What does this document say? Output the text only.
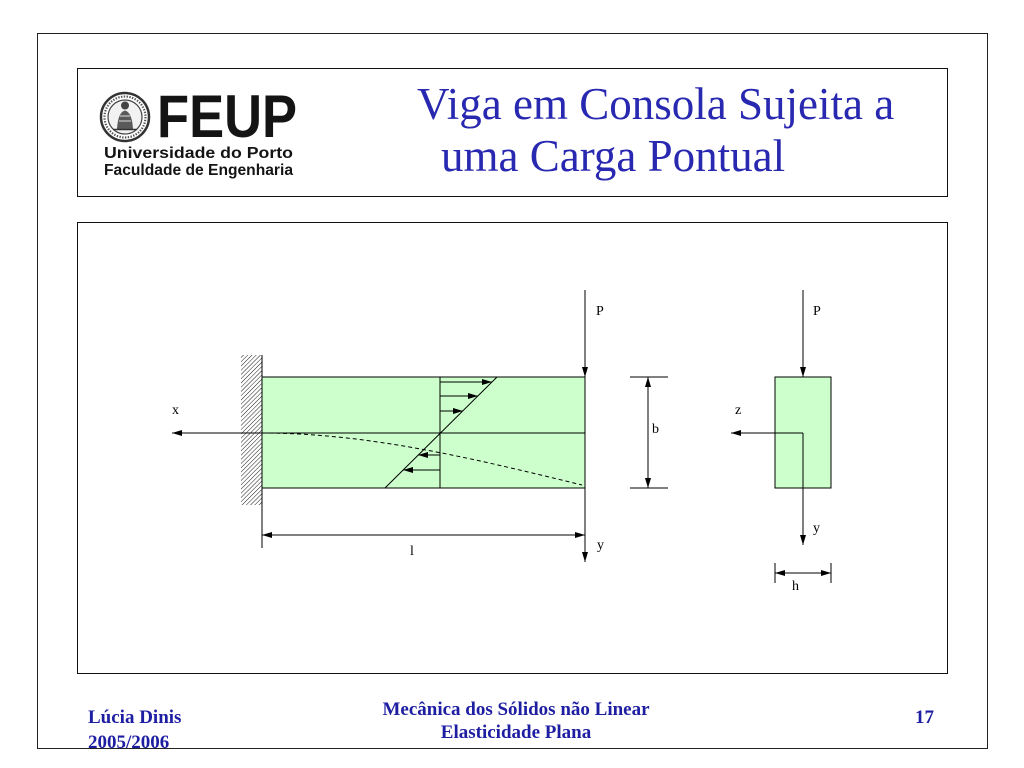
FEUP
Universidade do Porto
Faculdade de Engenharia
Viga em Consola Sujeita a
uma Carga Pontual
x
P
y
l
b
P
z
y
h
Lúcia Dinis
2005/2006
Mecânica dos Sólidos não Linear
Elasticidade Plana
17
